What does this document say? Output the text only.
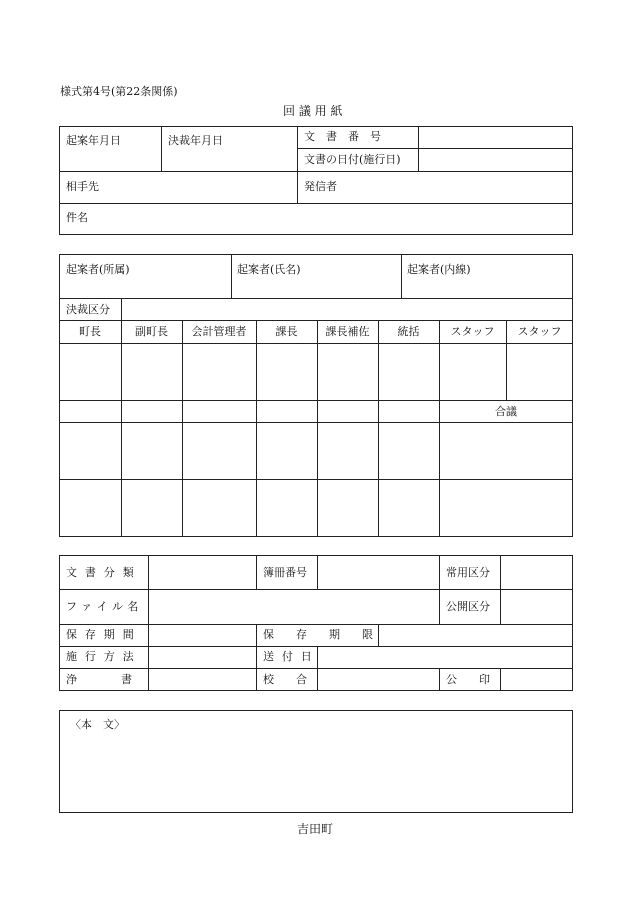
様式第4号(第22条関係)
回 議 用 紙
起案年月日	決裁年月日	文　書　番　号
文書の日付(施行日)
相手先	発信者
件名
起案者(所属)	起案者(氏名)	起案者(内線)
決裁区分
町長	副町長	会計管理者	課長	課長補佐	統括	スタッフ	スタッフ
合議
文 書 分 類	簿冊番号	常用区分
ファイル名	公開区分
保 存 期 間	保　　存　　期　　限
施 行 方 法	送 付 日
浄　　　　書	校　　合	公　　印
〈本　文〉
吉田町
